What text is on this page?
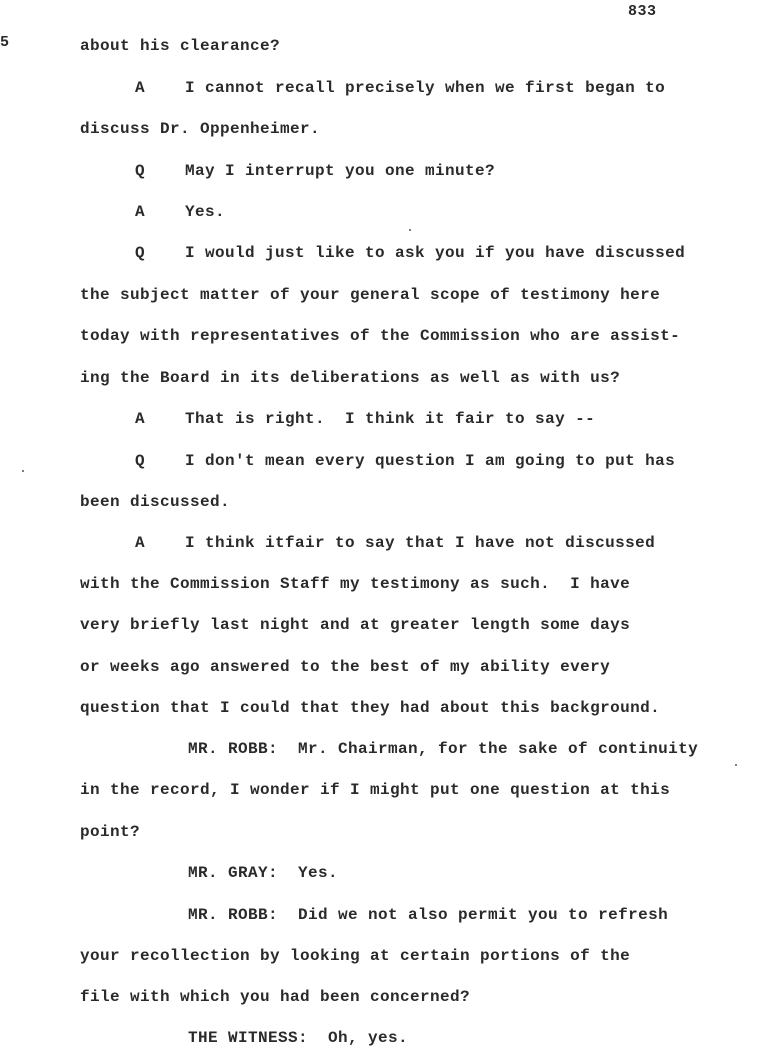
833
5	about his clearance?
A    I cannot recall precisely when we first began to
discuss Dr. Oppenheimer.
Q    May I interrupt you one minute?
A    Yes.
Q    I would just like to ask you if you have discussed
the subject matter of your general scope of testimony here
today with representatives of the Commission who are assist-
ing the Board in its deliberations as well as with us?
A    That is right.  I think it fair to say --
Q    I don't mean every question I am going to put has
been discussed.
A    I think itfair to say that I have not discussed
with the Commission Staff my testimony as such.  I have
very briefly last night and at greater length some days
or weeks ago answered to the best of my ability every
question that I could that they had about this background.
MR. ROBB:  Mr. Chairman, for the sake of continuity
in the record, I wonder if I might put one question at this
point?
MR. GRAY:  Yes.
MR. ROBB:  Did we not also permit you to refresh
your recollection by looking at certain portions of the
file with which you had been concerned?
THE WITNESS:  Oh, yes.
